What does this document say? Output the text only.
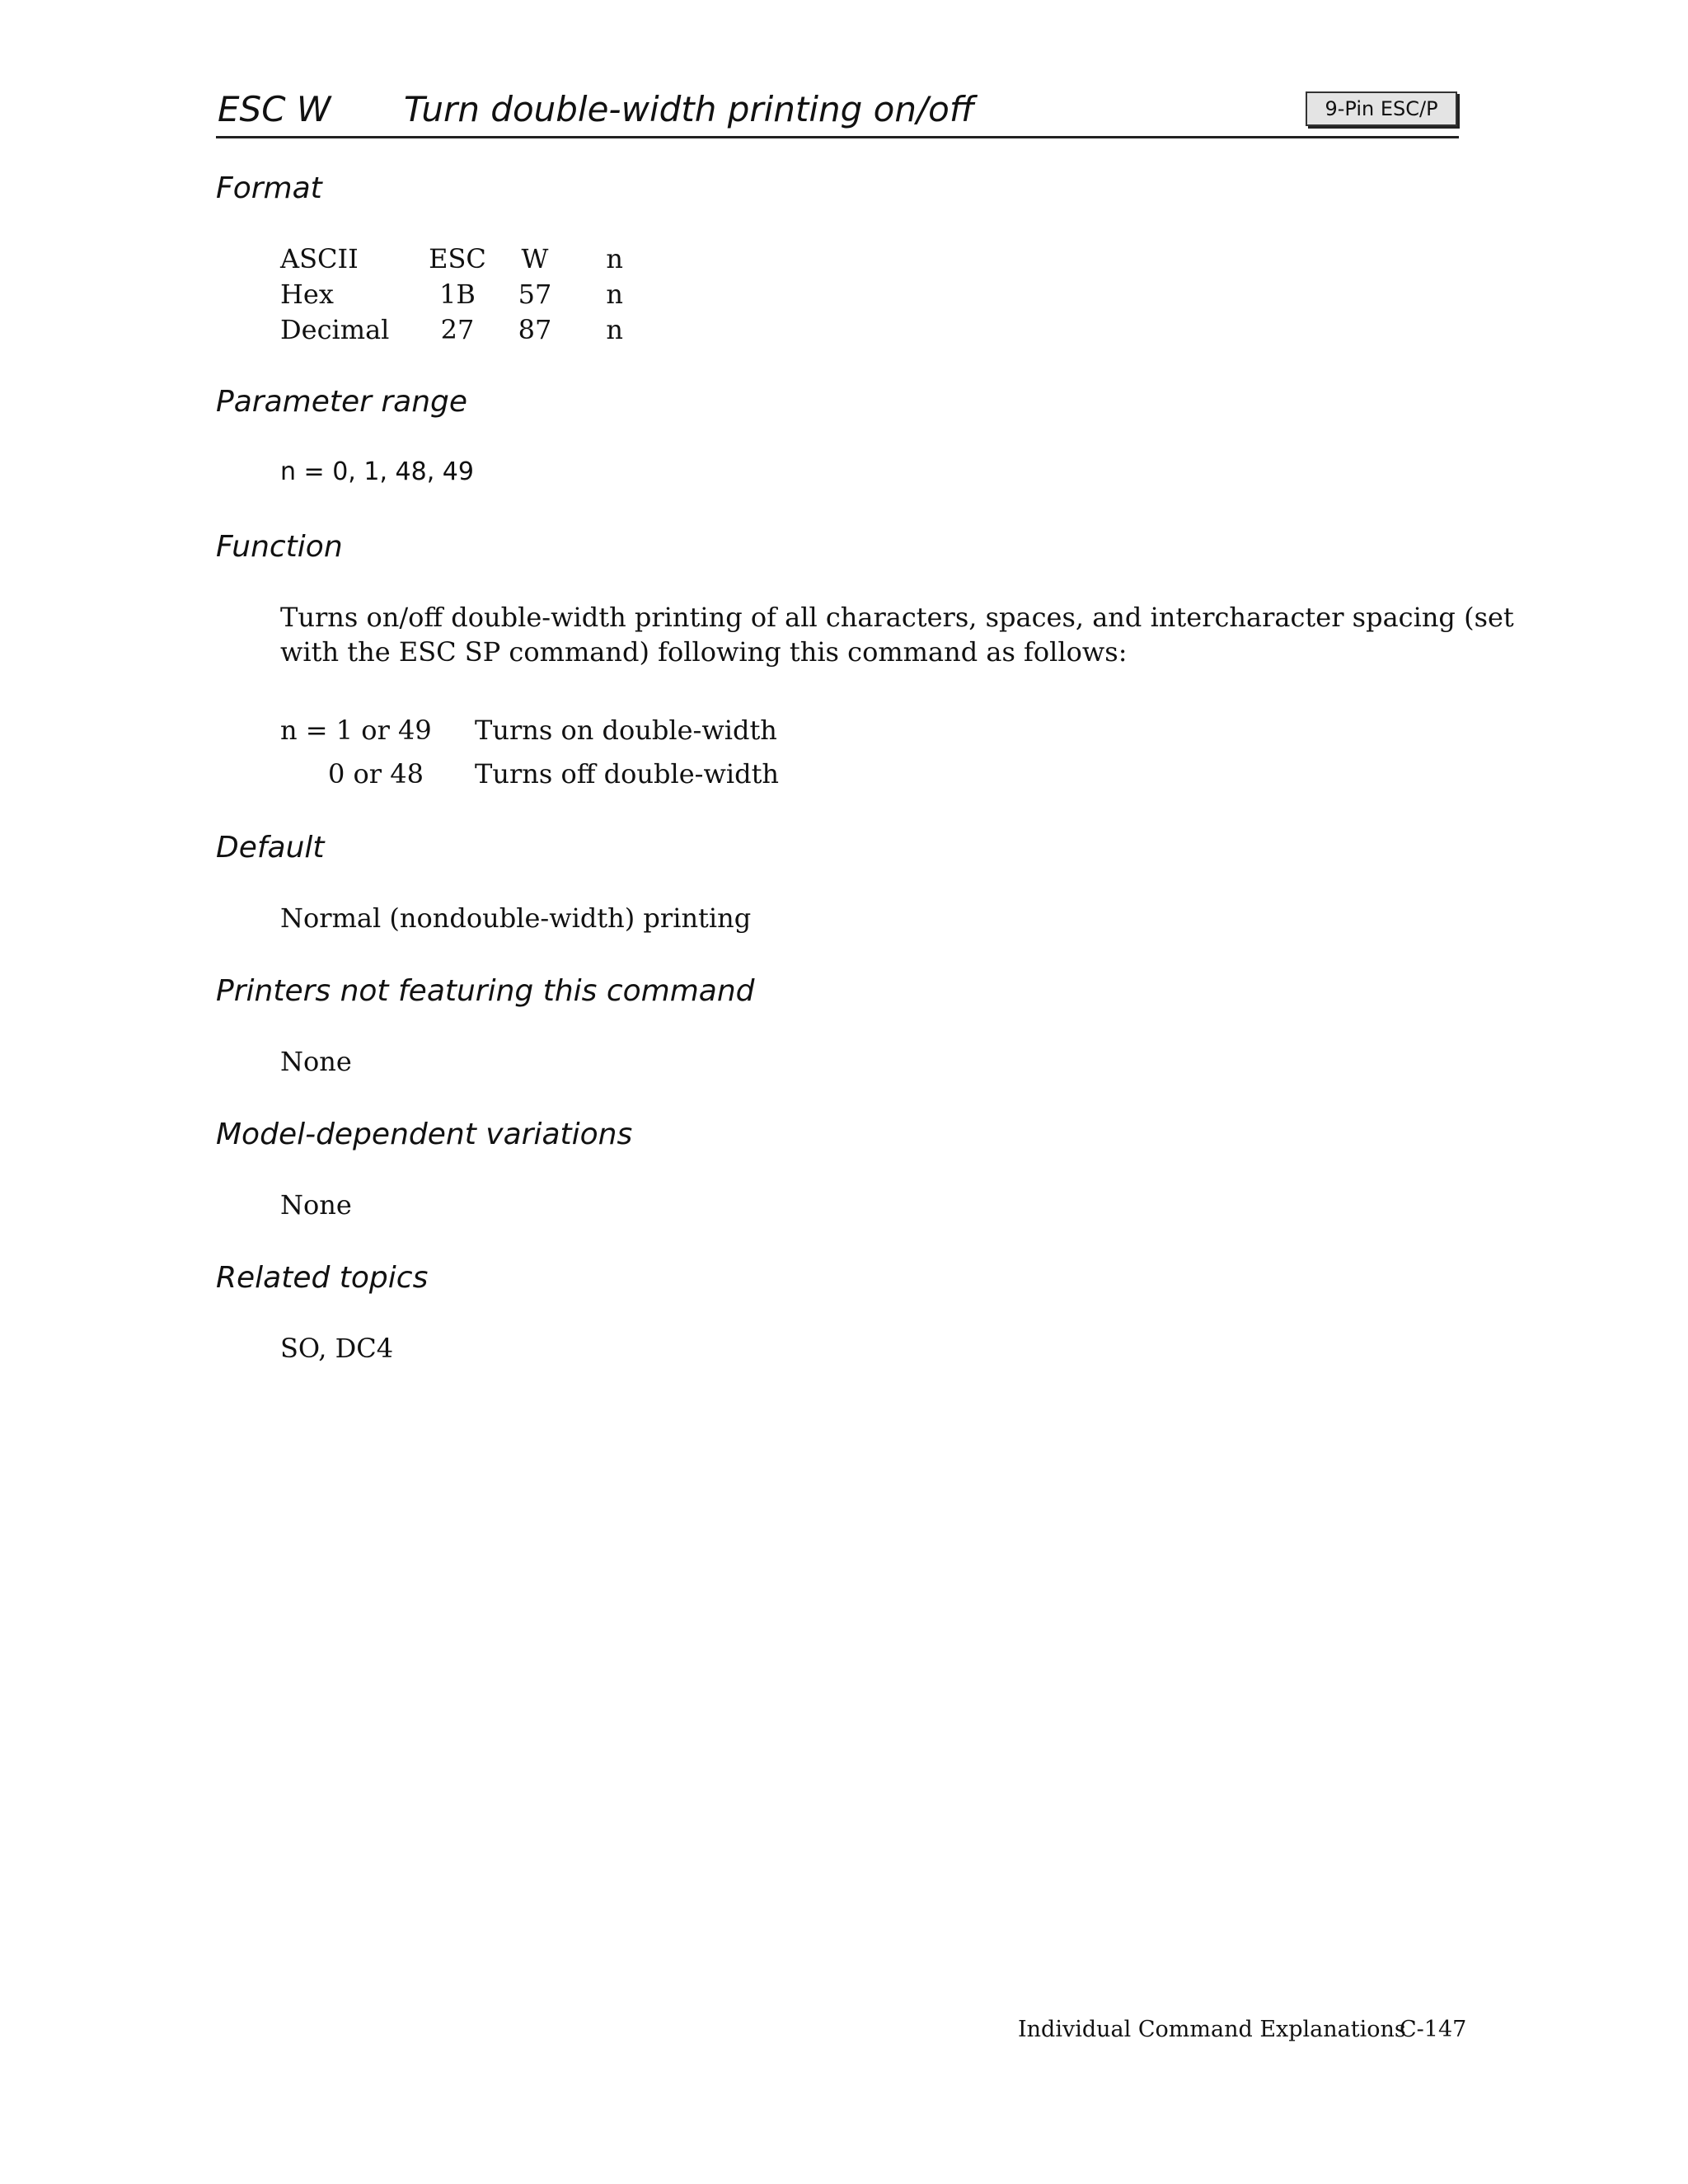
ESC W Turn double-width printing on/off	9-Pin ESC/P
Format
ASCII	ESC	W	n
Hex	1B	57	n
Decimal	27	87	n
Parameter range
n = 0, 1, 48, 49
Function

Turns on/off double-width printing of all characters, spaces, and intercharacter spacing (set

with the ESC SP command) following this command as follows:

n = 1 or 49	Turns on double-width
0 or 48	Turns off double-width
Default
Normal (nondouble-width) printing
Printers not featuring this command
None
Model-dependent variations
None
Related topics
SO, DC4
Individual Command Explanations
C-147
